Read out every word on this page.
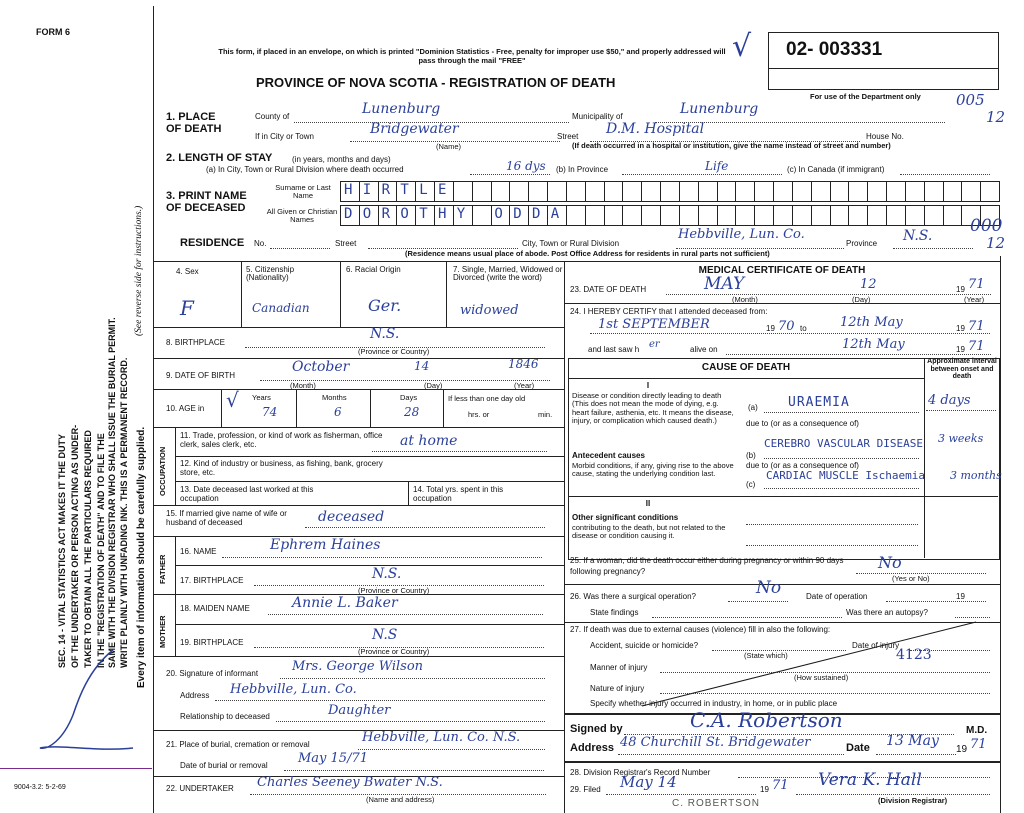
FORM 6
9004-3.2: 5-2-69
SEC. 14 - VITAL STATISTICS ACT MAKES IT THE DUTY OF THE UNDERTAKER OR PERSON ACTING AS UNDER- TAKER TO OBTAIN ALL THE PARTICULARS REQUIRED IN THE "REGISTRATION OF DEATH" AND TO FILE THE SAME WITH THE DIVISION REGISTRAR WHO SHALL ISSUE THE BURIAL PERMIT. WRITE PLAINLY WITH UNFADING INK. THIS IS A PERMANENT RECORD.
(See reverse side for instructions.)
Every item of information should be carefully supplied.
This form, if placed in an envelope, on which is printed "Dominion Statistics - Free, penalty for improper use $50," and properly addressed will pass through the mail "FREE"
PROVINCE OF NOVA SCOTIA - REGISTRATION OF DEATH
√ 02- 003331
For use of the Department only 005
12
1. PLACE OF DEATH
County of	Lunenburg	Municipality of	Lunenburg
If in City or Town	Bridgewater
(Name)
Street D.M. Hospital	House No.
(If death occurred in a hospital or institution, give the name instead of street and number)
2. LENGTH OF STAY (in years, months and days)
(a) In City, Town or Rural Division where death occurred	16 dys (b) In Province	Life	(c) In Canada (if immigrant)
3. PRINT NAME OF DECEASED
Surname or Last Name
All Given or Christian Names
H I R T L E
D O R O T H Y O D D A
RESIDENCE No.	Street	City, Town or Rural Division
Hebbville, Lun. Co.
Province N.S. 000
12
(Residence means usual place of abode. Post Office Address for residents in rural parts not sufficient)
4. Sex	5. Citizenship (Nationality)
6. Racial Origin	7. Single, Married, Widowed or Divorced (write the word)
F	Canadian	Ger.	widowed
8. BIRTHPLACE
N.S.
(Province or Country)
9. DATE OF BIRTH
October	14	1846
(Month)	(Day)	(Year)
10. AGE in
Years	Months	Days
√ 74	6	28
If less than one day old
hrs. or	min.
OCCUPATION
11. Trade, profession, or kind of work as fisherman, office clerk, sales clerk, etc.	at home
12. Kind of industry or business, as fishing, bank, grocery store, etc.
13. Date deceased last worked at this occupation
14. Total yrs. spent in this occupation
15. If married give name of wife or husband of deceased	deceased
FATHER
16. NAME	Ephrem Haines
17. BIRTHPLACE	N.S.
(Province or Country)
MOTHER
18. MAIDEN NAME	Annie L. Baker
19. BIRTHPLACE	N.S
(Province or Country)
20. Signature of informant	Mrs. George Wilson
Address Hebbville, Lun. Co.
Relationship to deceased	Daughter
21. Place of burial, cremation or removal	Hebbville, Lun. Co. N.S.
Date of burial or removal May 15/71
22. UNDERTAKER Charles Seeney Bwater N.S.
(Name and address)
MEDICAL CERTIFICATE OF DEATH
23. DATE OF DEATH	MAY	12	19 71
(Month)	(Day)	(Year)
24. I HEREBY CERTIFY that I attended deceased from:
1st SEPTEMBER	19 70 to	12th May	19 71
and last saw h er	alive on	12th May	19 71
CAUSE OF DEATH
Approximate interval between onset and death
I
Disease or condition directly leading to death (This does not mean the mode of dying, e.g. heart failure, asthenia, etc. It means the disease, injury, or complication which caused death.)
(a) URAEMIA	4 days
due to (or as a consequence of)
Antecedent causes
Morbid conditions, if any, giving rise to the above cause, stating the underlying condition last.
(b)
CEREBRO VASCULAR DISEASE 3 weeks
due to (or as a consequence of)
(c)
CARDIAC MUSCLE Ischaemia 3 months
II
Other significant conditions
contributing to the death, but not related to the disease or condition causing it.
25. If a woman, did the death occur either during pregnancy or within 90 days following pregnancy?	No
(Yes or No)
26. Was there a surgical operation?	No	Date of operation	19
State findings	Was there an autopsy?
27. If death was due to external causes (violence) fill in also the following:
Accident, suicide or homicide?
(State which)
Date of injury
4123
Manner of injury
(How sustained)
Nature of injury
Specify whether injury occurred in industry, in home, or in public place
Signed by	C.A. Robertson	M.D.
Address 48 Churchill St. Bridgewater	Date 13 May
19 71
28. Division Registrar's Record Number
29. Filed May 14	19 71 Vera K. Hall
(Division Registrar)
C. ROBERTSON
